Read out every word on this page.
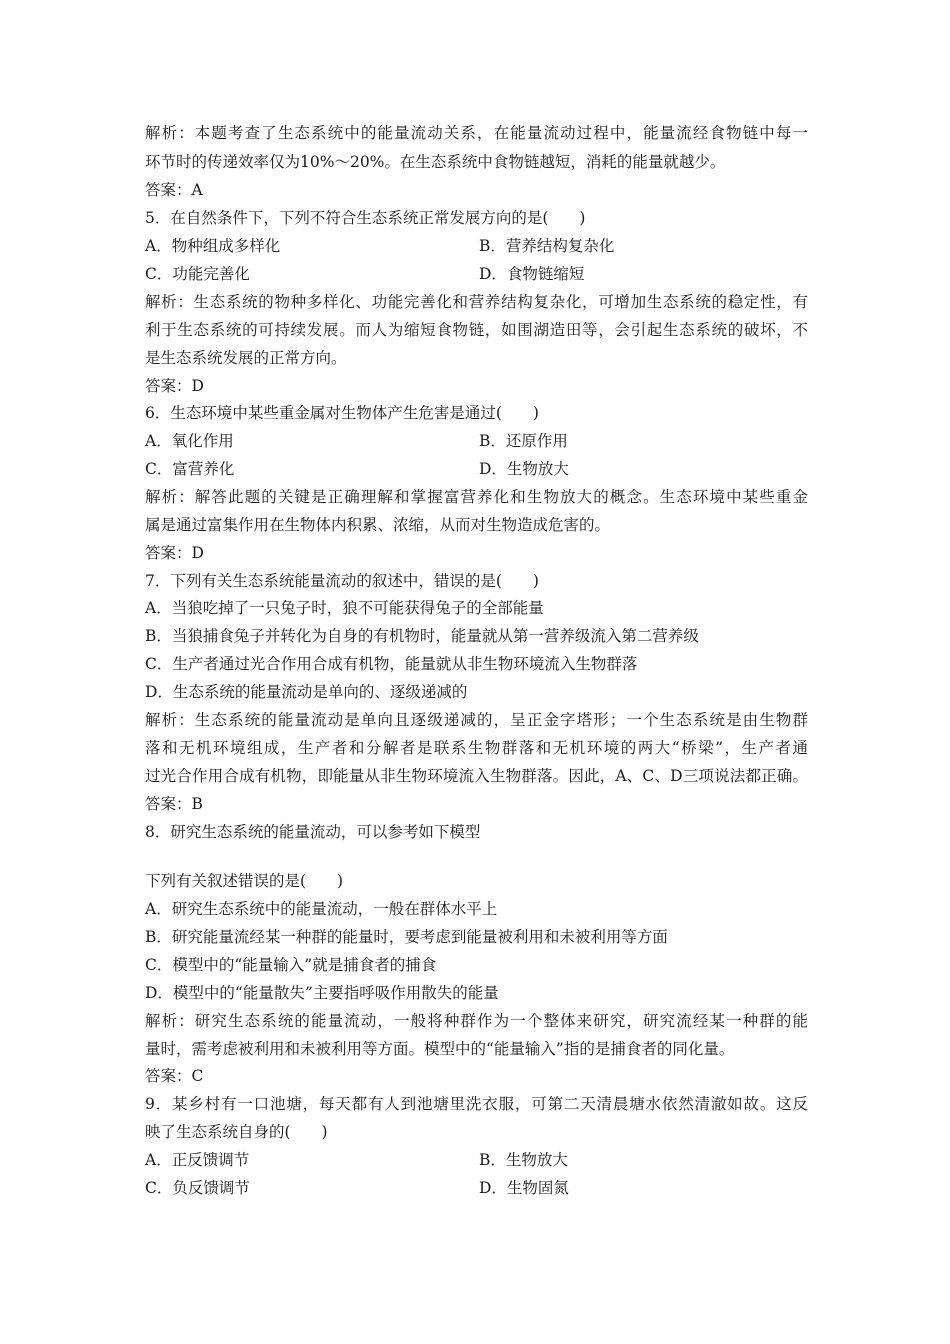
解析：本题考查了生态系统中的能量流动关系，在能量流动过程中，能量流经食物链中每一
环节时的传递效率仅为10%～20%。在生态系统中食物链越短，消耗的能量就越少。
答案：A
5．在自然条件下，下列不符合生态系统正常发展方向的是(　　)
A．物种组成多样化	B．营养结构复杂化
C．功能完善化	D．食物链缩短
解析：生态系统的物种多样化、功能完善化和营养结构复杂化，可增加生态系统的稳定性，有
利于生态系统的可持续发展。而人为缩短食物链，如围湖造田等，会引起生态系统的破坏，不
是生态系统发展的正常方向。
答案：D
6．生态环境中某些重金属对生物体产生危害是通过(　　)
A．氧化作用	B．还原作用
C．富营养化	D．生物放大
解析：解答此题的关键是正确理解和掌握富营养化和生物放大的概念。生态环境中某些重金
属是通过富集作用在生物体内积累、浓缩，从而对生物造成危害的。
答案：D
7．下列有关生态系统能量流动的叙述中，错误的是(　　)
A．当狼吃掉了一只兔子时，狼不可能获得兔子的全部能量
B．当狼捕食兔子并转化为自身的有机物时，能量就从第一营养级流入第二营养级
C．生产者通过光合作用合成有机物，能量就从非生物环境流入生物群落
D．生态系统的能量流动是单向的、逐级递减的
解析：生态系统的能量流动是单向且逐级递减的，呈正金字塔形；一个生态系统是由生物群
落和无机环境组成，生产者和分解者是联系生物群落和无机环境的两大“桥梁”，生产者通
过光合作用合成有机物，即能量从非生物环境流入生物群落。因此，A、C、D三项说法都正确。
答案：B
8．研究生态系统的能量流动，可以参考如下模型
下列有关叙述错误的是(　　)
A．研究生态系统中的能量流动，一般在群体水平上
B．研究能量流经某一种群的能量时，要考虑到能量被利用和未被利用等方面
C．模型中的“能量输入”就是捕食者的捕食
D．模型中的“能量散失”主要指呼吸作用散失的能量
解析：研究生态系统的能量流动，一般将种群作为一个整体来研究，研究流经某一种群的能
量时，需考虑被利用和未被利用等方面。模型中的“能量输入”指的是捕食者的同化量。
答案：C
9．某乡村有一口池塘，每天都有人到池塘里洗衣服，可第二天清晨塘水依然清澈如故。这反
映了生态系统自身的(　　)
A．正反馈调节	B．生物放大
C．负反馈调节	D．生物固氮
